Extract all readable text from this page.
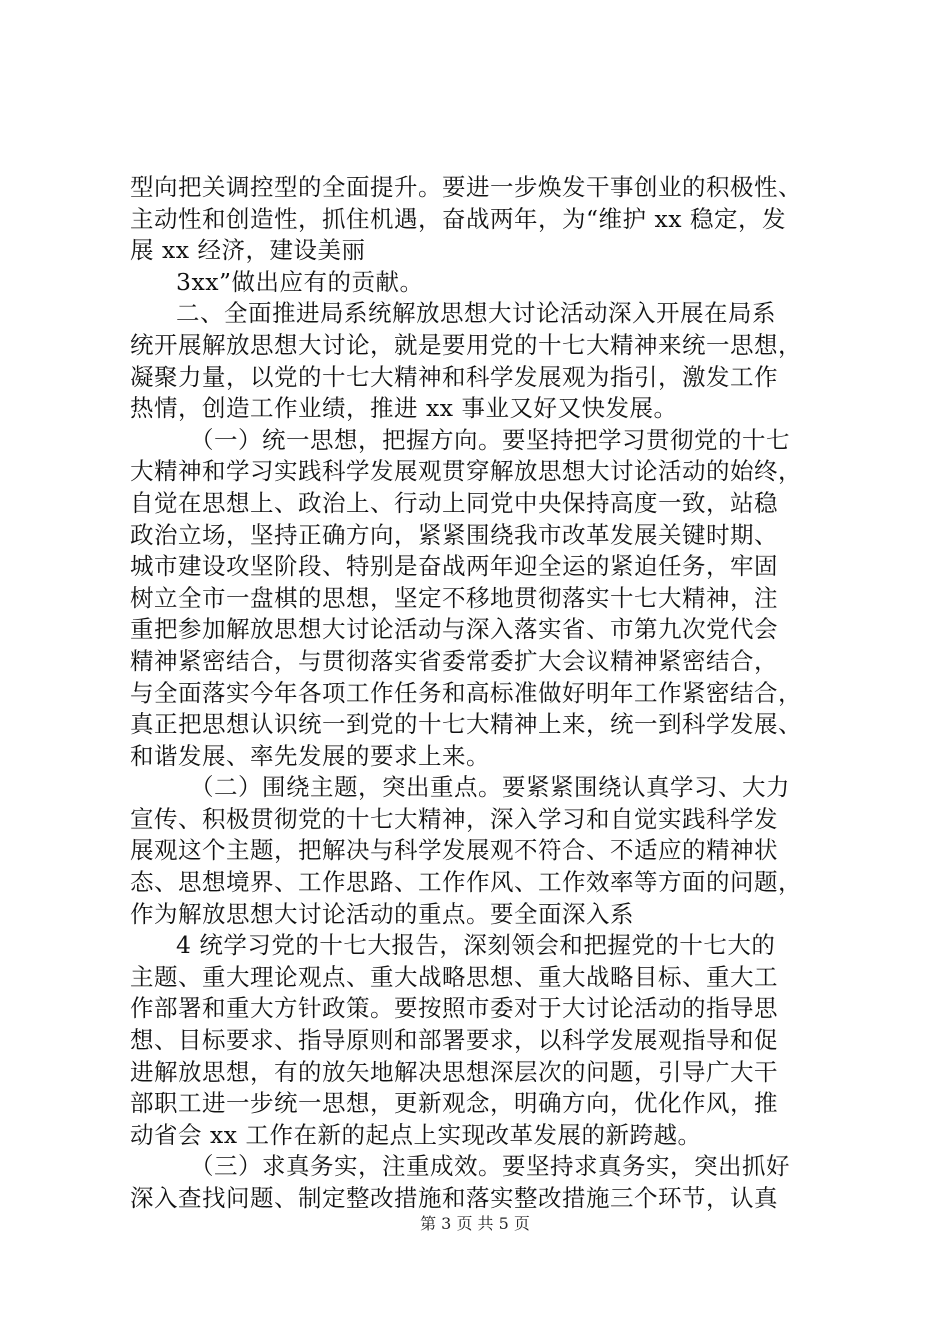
型向把关调控型的全面提升。要进一步焕发干事创业的积极性、
主动性和创造性，抓住机遇，奋战两年，为“维护 xx 稳定，发
展 xx 经济，建设美丽
3xx”做出应有的贡献。
二、全面推进局系统解放思想大讨论活动深入开展在局系
统开展解放思想大讨论，就是要用党的十七大精神来统一思想，
凝聚力量，以党的十七大精神和科学发展观为指引，激发工作
热情，创造工作业绩，推进 xx 事业又好又快发展。
（一）统一思想，把握方向。要坚持把学习贯彻党的十七
大精神和学习实践科学发展观贯穿解放思想大讨论活动的始终，
自觉在思想上、政治上、行动上同党中央保持高度一致，站稳
政治立场，坚持正确方向，紧紧围绕我市改革发展关键时期、
城市建设攻坚阶段、特别是奋战两年迎全运的紧迫任务，牢固
树立全市一盘棋的思想，坚定不移地贯彻落实十七大精神，注
重把参加解放思想大讨论活动与深入落实省、市第九次党代会
精神紧密结合，与贯彻落实省委常委扩大会议精神紧密结合，
与全面落实今年各项工作任务和高标准做好明年工作紧密结合，
真正把思想认识统一到党的十七大精神上来，统一到科学发展、
和谐发展、率先发展的要求上来。
（二）围绕主题，突出重点。要紧紧围绕认真学习、大力
宣传、积极贯彻党的十七大精神，深入学习和自觉实践科学发
展观这个主题，把解决与科学发展观不符合、不适应的精神状
态、思想境界、工作思路、工作作风、工作效率等方面的问题，
作为解放思想大讨论活动的重点。要全面深入系
4 统学习党的十七大报告，深刻领会和把握党的十七大的
主题、重大理论观点、重大战略思想、重大战略目标、重大工
作部署和重大方针政策。要按照市委对于大讨论活动的指导思
想、目标要求、指导原则和部署要求，以科学发展观指导和促
进解放思想，有的放矢地解决思想深层次的问题，引导广大干
部职工进一步统一思想，更新观念，明确方向，优化作风，推
动省会 xx 工作在新的起点上实现改革发展的新跨越。
（三）求真务实，注重成效。要坚持求真务实，突出抓好
深入查找问题、制定整改措施和落实整改措施三个环节，认真
第 3 页 共 5 页
